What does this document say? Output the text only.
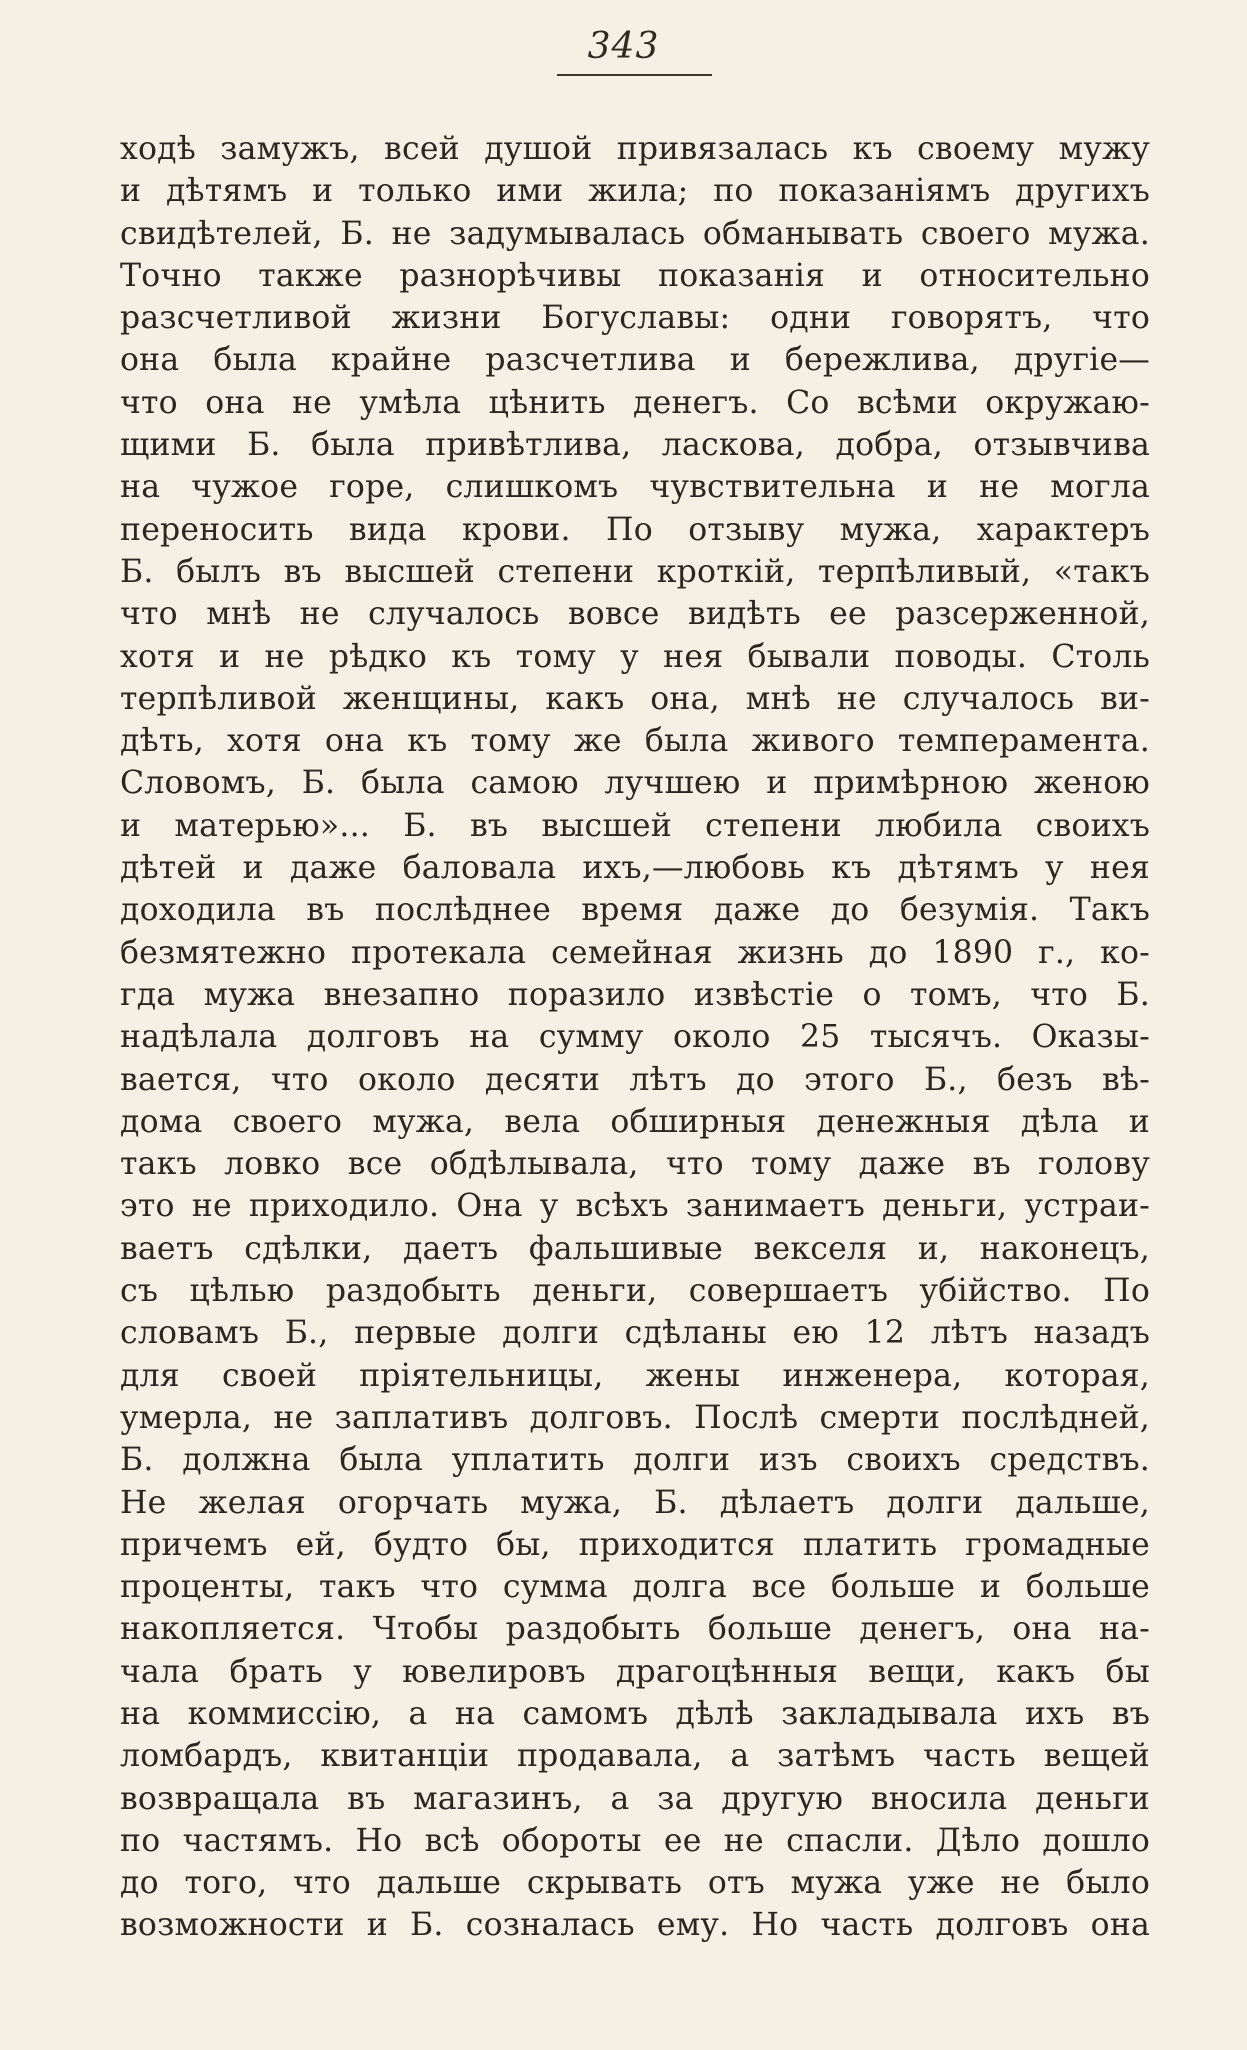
343
ходѣ замужъ, всей душой привязалась къ своему мужу
и дѣтямъ и только ими жила; по показаніямъ другихъ
свидѣтелей, Б. не задумывалась обманывать своего мужа.
Точно также разнорѣчивы показанія и относительно
разсчетливой жизни Богуславы: одни говорятъ, что
она была крайне разсчетлива и бережлива, другіе—
что она не умѣла цѣнить денегъ. Со всѣми окружаю-
щими Б. была привѣтлива, ласкова, добра, отзывчива
на чужое горе, слишкомъ чувствительна и не могла
переносить вида крови. По отзыву мужа, характеръ
Б. былъ въ высшей степени кроткій, терпѣливый, «такъ
что мнѣ не случалось вовсе видѣть ее разсерженной,
хотя и не рѣдко къ тому у нея бывали поводы. Столь
терпѣливой женщины, какъ она, мнѣ не случалось ви-
дѣть, хотя она къ тому же была живого темперамента.
Словомъ, Б. была самою лучшею и примѣрною женою
и матерью»... Б. въ высшей степени любила своихъ
дѣтей и даже баловала ихъ,—любовь къ дѣтямъ у нея
доходила въ послѣднее время даже до безумія. Такъ
безмятежно протекала семейная жизнь до 1890 г., ко-
гда мужа внезапно поразило извѣстіе о томъ, что Б.
надѣлала долговъ на сумму около 25 тысячъ. Оказы-
вается, что около десяти лѣтъ до этого Б., безъ вѣ-
дома своего мужа, вела обширныя денежныя дѣла и
такъ ловко все обдѣлывала, что тому даже въ голову
это не приходило. Она у всѣхъ занимаетъ деньги, устраи-
ваетъ сдѣлки, даетъ фальшивые векселя и, наконецъ,
съ цѣлью раздобыть деньги, совершаетъ убійство. По
словамъ Б., первые долги сдѣланы ею 12 лѣтъ назадъ
для своей пріятельницы, жены инженера, которая,
умерла, не заплативъ долговъ. Послѣ смерти послѣдней,
Б. должна была уплатить долги изъ своихъ средствъ.
Не желая огорчать мужа, Б. дѣлаетъ долги дальше,
причемъ ей, будто бы, приходится платить громадные
проценты, такъ что сумма долга все больше и больше
накопляется. Чтобы раздобыть больше денегъ, она на-
чала брать у ювелировъ драгоцѣнныя вещи, какъ бы
на коммиссію, а на самомъ дѣлѣ закладывала ихъ въ
ломбардъ, квитанціи продавала, а затѣмъ часть вещей
возвращала въ магазинъ, а за другую вносила деньги
по частямъ. Но всѣ обороты ее не спасли. Дѣло дошло
до того, что дальше скрывать отъ мужа уже не было
возможности и Б. созналась ему. Но часть долговъ она
